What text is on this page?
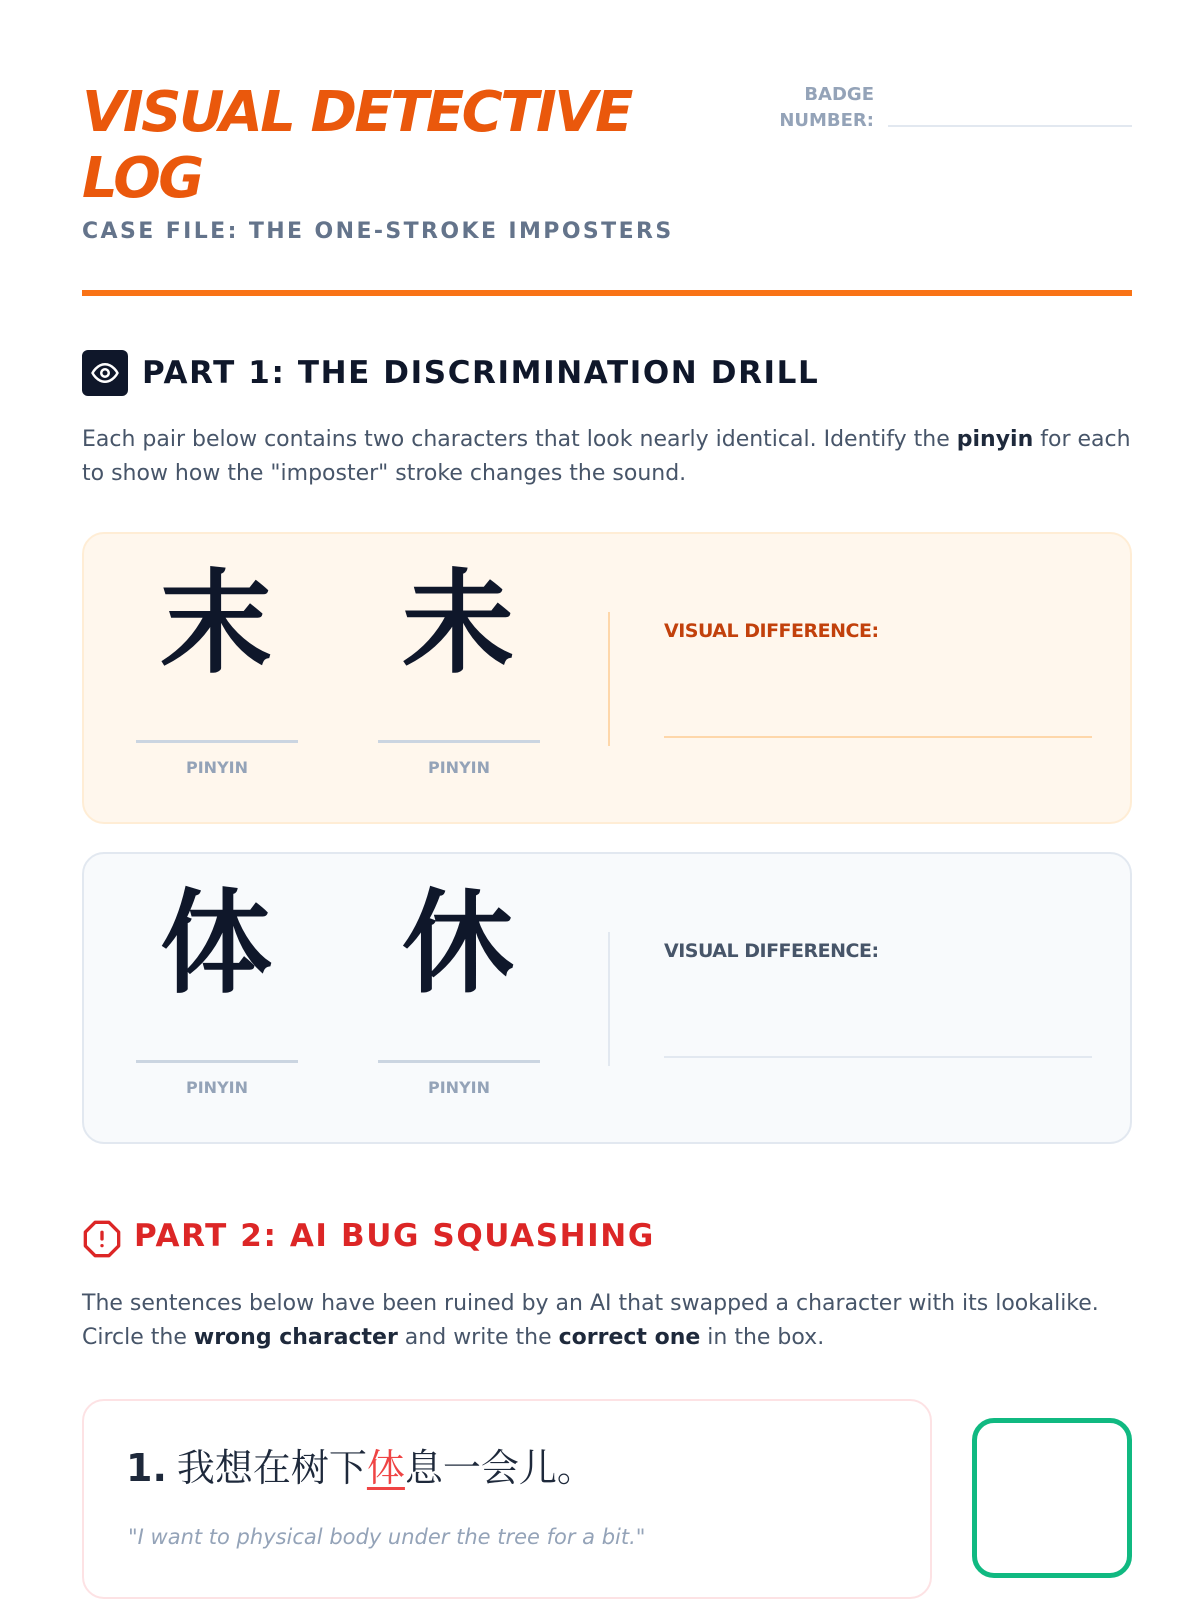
VISUAL DETECTIVE LOG
CASE FILE: THE ONE-STROKE IMPOSTERS
BADGE NUMBER:
PART 1: THE DISCRIMINATION DRILL

Each pair below contains two characters that look nearly identical. Identify the pinyin for each to show how the "imposter" stroke changes the sound.

末 未
PINYIN	PINYIN
VISUAL DIFFERENCE:
体 休
PINYIN	PINYIN
VISUAL DIFFERENCE:
PART 2: AI BUG SQUASHING

The sentences below have been ruined by an AI that swapped a character with its lookalike. Circle the wrong character and write the correct one in the box.

1. 我想在树下体息一会儿。
"I want to physical body under the tree for a bit."
